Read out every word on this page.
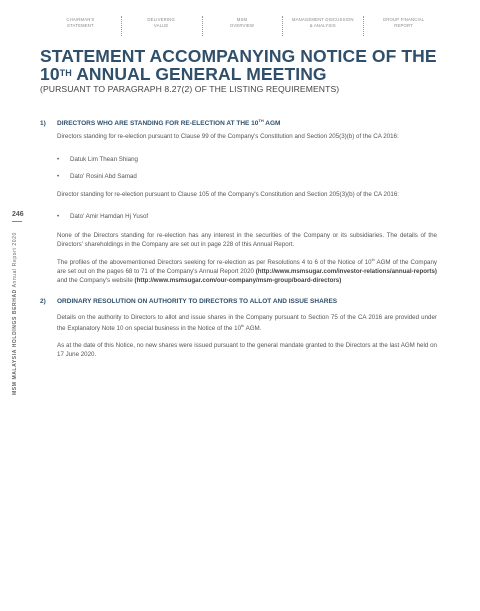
CHAIRMAN'S
STATEMENT
DELIVERING
VALUE
MSM
OVERVIEW
MANAGEMENT DISCUSSION
& ANALYSIS
GROUP FINANCIAL
REPORT
STATEMENT ACCOMPANYING NOTICE OF THE
10TH ANNUAL GENERAL MEETING
(PURSUANT TO PARAGRAPH 8.27(2) OF THE LISTING REQUIREMENTS)
1) DIRECTORS WHO ARE STANDING FOR RE-ELECTION AT THE 10TH AGM

Directors standing for re-election pursuant to Clause 99 of the Company's Constitution and Section 205(3)(b) of the CA 2016:

• Datuk Lim Thean Shiang
• Dato' Rosini Abd Samad

Director standing for re-election pursuant to Clause 105 of the Company's Constitution and Section 205(3)(b) of the CA 2016:

• Dato' Amir Hamdan Hj Yusof

None of the Directors standing for re-election has any interest in the securities of the Company or its subsidiaries. The details of the Directors' shareholdings in the Company are set out in page 228 of this Annual Report.

The profiles of the abovementioned Directors seeking for re-election as per Resolutions 4 to 6 of the Notice of 10th AGM of the Company are set out on the pages 68 to 71 of the Company's Annual Report 2020 (http://www.msmsugar.com/investor-relations/annual-reports) and the Company's website (http://www.msmsugar.com/our-company/msm-group/board-directors)

2) ORDINARY RESOLUTION ON AUTHORITY TO DIRECTORS TO ALLOT AND ISSUE SHARES

Details on the authority to Directors to allot and issue shares in the Company pursuant to Section 75 of the CA 2016 are provided under the Explanatory Note 10 on special business in the Notice of the 10th AGM.

As at the date of this Notice, no new shares were issued pursuant to the general mandate granted to the Directors at the last AGM held on 17 June 2020.

246
MSM MALAYSIA HOLDINGS BERHAD Annual Report 2020
